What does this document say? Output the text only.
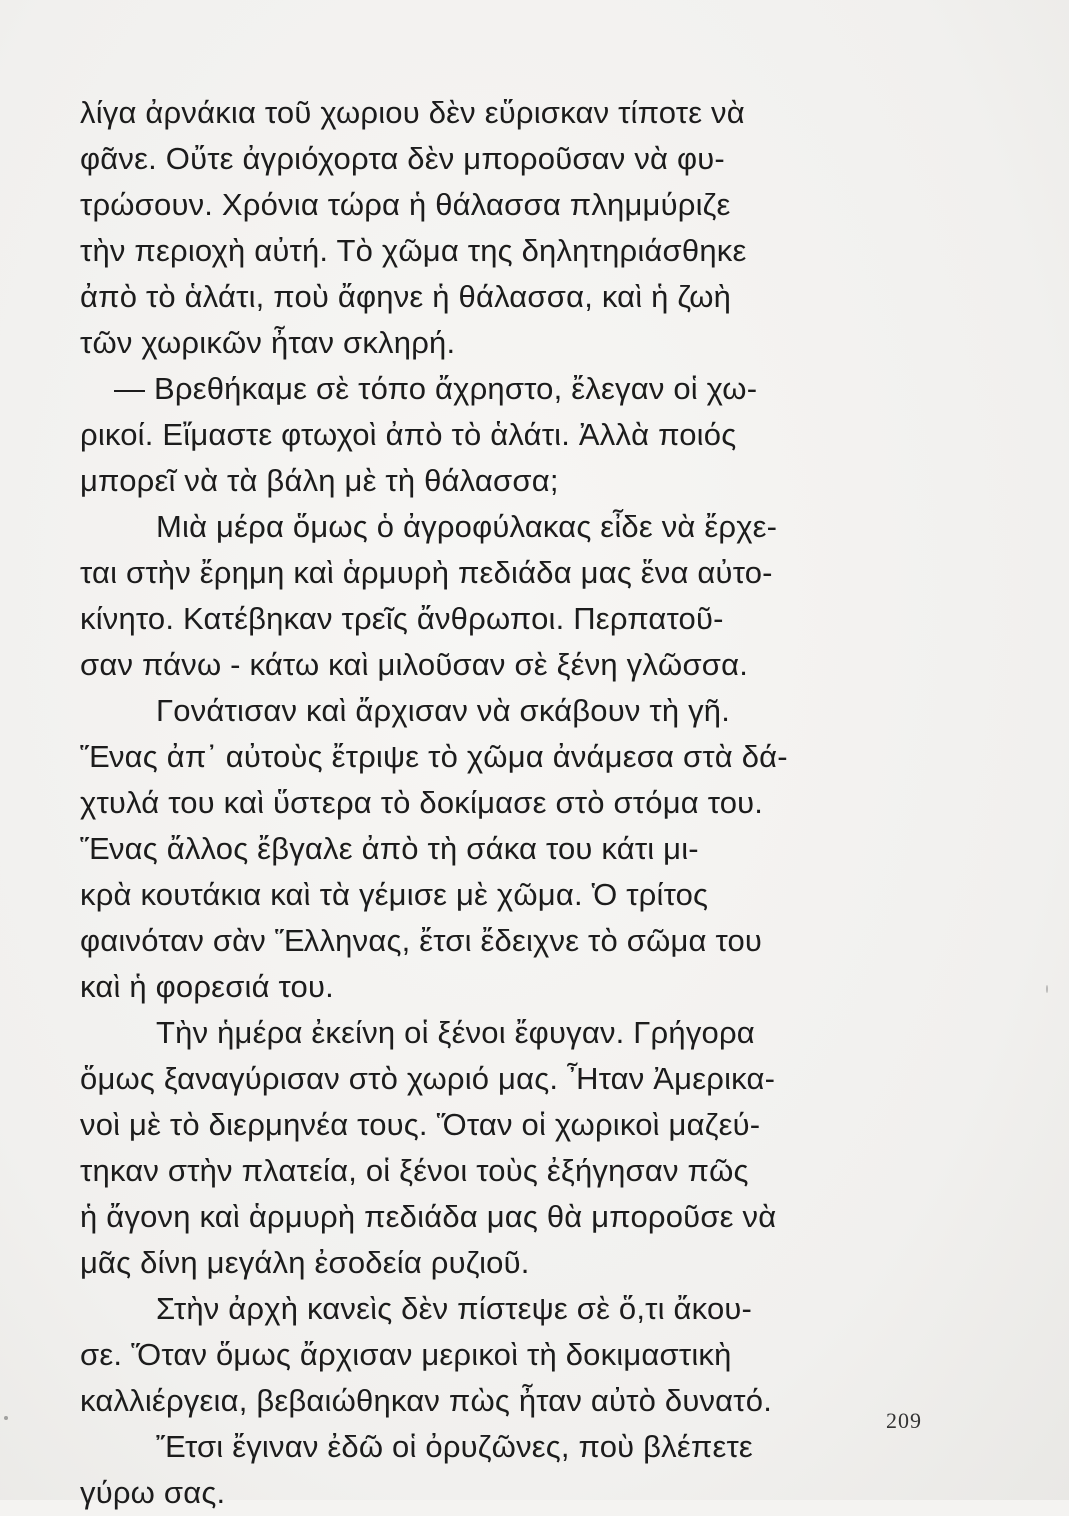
λίγα ἀρνάκια τοῦ χωριου δὲν εὕρισκαν τίποτε νὰ
φᾶνε. Οὔτε ἀγριόχορτα δὲν μποροῦσαν νὰ φυ-
τρώσουν. Χρόνια τώρα ἡ θάλασσα πλημμύριζε
τὴν περιοχὴ αὐτή. Τὸ χῶμα της δηλητηριάσθηκε
ἀπὸ τὸ ἁλάτι, ποὺ ἄφηνε ἡ θάλασσα, καὶ ἡ ζωὴ
τῶν χωρικῶν ἦταν σκληρή.
— Βρεθήκαμε σὲ τόπο ἄχρηστο, ἔλεγαν οἱ χω-
ρικοί. Εἴμαστε φτωχοὶ ἀπὸ τὸ ἁλάτι. Ἀλλὰ ποιός
μπορεῖ νὰ τὰ βάλη μὲ τὴ θάλασσα;
Μιὰ μέρα ὅμως ὁ ἀγροφύλακας εἶδε νὰ ἔρχε-
ται στὴν ἔρημη καὶ ἁρμυρὴ πεδιάδα μας ἕνα αὐτο-
κίνητο. Κατέβηκαν τρεῖς ἄνθρωποι. Περπατοῦ-
σαν πάνω - κάτω καὶ μιλοῦσαν σὲ ξένη γλῶσσα.
Γονάτισαν καὶ ἄρχισαν νὰ σκάβουν τὴ γῆ.
Ἕνας ἀπ᾿ αὐτοὺς ἔτριψε τὸ χῶμα ἀνάμεσα στὰ δά-
χτυλά του καὶ ὕστερα τὸ δοκίμασε στὸ στόμα του.
Ἕνας ἄλλος ἔβγαλε ἀπὸ τὴ σάκα του κάτι μι-
κρὰ κουτάκια καὶ τὰ γέμισε μὲ χῶμα. Ὁ τρίτος
φαινόταν σὰν Ἕλληνας, ἔτσι ἔδειχνε τὸ σῶμα του
καὶ ἡ φορεσιά του.
Τὴν ἡμέρα ἐκείνη οἱ ξένοι ἔφυγαν. Γρήγορα
ὅμως ξαναγύρισαν στὸ χωριό μας. Ἦταν Ἀμερικα-
νοὶ μὲ τὸ διερμηνέα τους. Ὅταν οἱ χωρικοὶ μαζεύ-
τηκαν στὴν πλατεία, οἱ ξένοι τοὺς ἐξήγησαν πῶς
ἡ ἄγονη καὶ ἁρμυρὴ πεδιάδα μας θὰ μποροῦσε νὰ
μᾶς δίνη μεγάλη ἐσοδεία ρυζιοῦ.
Στὴν ἀρχὴ κανεὶς δὲν πίστεψε σὲ ὅ,τι ἄκου-
σε. Ὅταν ὅμως ἄρχισαν μερικοὶ τὴ δοκιμαστικὴ
καλλιέργεια, βεβαιώθηκαν πὼς ἦταν αὐτὸ δυνατό.
Ἔτσι ἔγιναν ἐδῶ οἱ ὀρυζῶνες, ποὺ βλέπετε
γύρω σας.
209
